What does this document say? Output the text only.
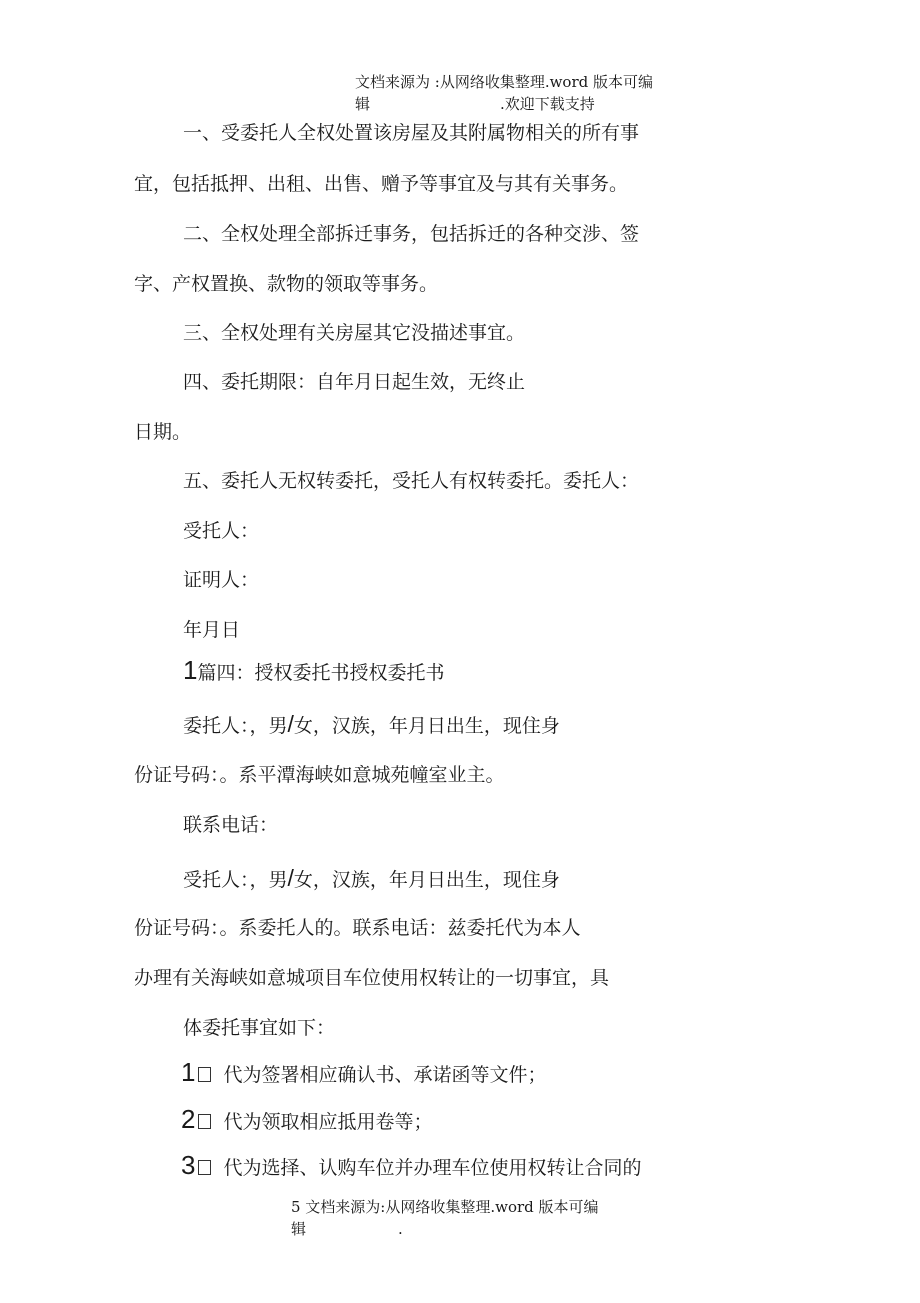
文档来源为 :从网络收集整理.word 版本可编
辑	.欢迎下载支持
一、受委托人全权处置该房屋及其附属物相关的所有事
宜，包括抵押、出租、出售、赠予等事宜及与其有关事务。
二、全权处理全部拆迁事务，包括拆迁的各种交涉、签
字、产权置换、款物的领取等事务。
三、全权处理有关房屋其它没描述事宜。
四、委托期限：自年月日起生效，无终止
日期。
五、委托人无权转委托，受托人有权转委托。委托人：
受托人：
证明人：
年月日
1篇四：授权委托书授权委托书
委托人：，男/女，汉族，年月日出生，现住身
份证号码：。系平潭海峡如意城苑幢室业主。
联系电话：
受托人：，男/女，汉族，年月日出生，现住身
份证号码：。系委托人的。联系电话：兹委托代为本人
办理有关海峡如意城项目车位使用权转让的一切事宜，具
体委托事宜如下：
1 代为签署相应确认书、承诺函等文件；
2 代为领取相应抵用卷等；
3 代为选择、认购车位并办理车位使用权转让合同的
5 文档来源为:从网络收集整理.word 版本可编
辑	.
